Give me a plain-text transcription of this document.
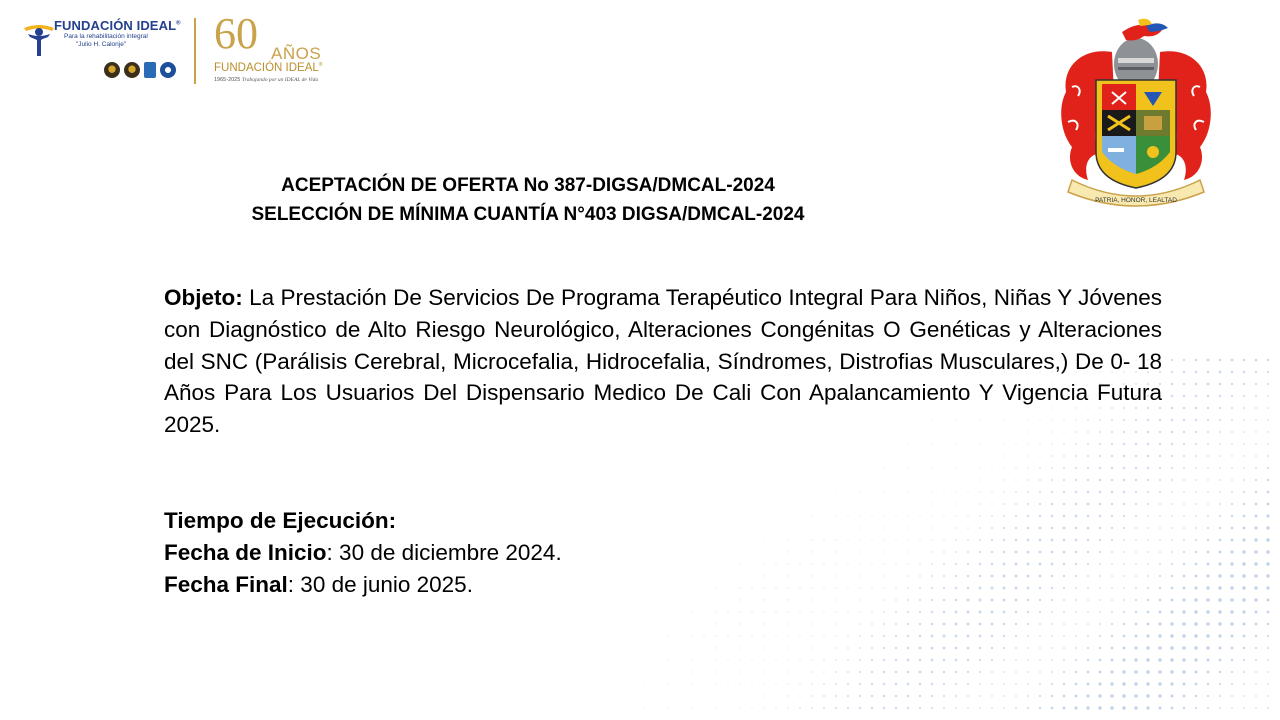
FUNDACIÓN IDEAL®
Para la rehabilitación integral
"Julio H. Calonje" 60 AÑOS
FUNDACIÓN IDEAL®
1965-2025 Trabajando por un IDEAL de Vida
PATRIA, HONOR, LEALTAD
ACEPTACIÓN DE OFERTA No 387-DIGSA/DMCAL-2024
SELECCIÓN DE MÍNIMA CUANTÍA N°403 DIGSA/DMCAL-2024
Objeto: La Prestación De Servicios De Programa Terapéutico Integral Para Niños, Niñas Y Jóvenes con Diagnóstico de Alto Riesgo Neurológico, Alteraciones Congénitas O Genéticas y Alteraciones del SNC (Parálisis Cerebral, Microcefalia, Hidrocefalia, Síndromes, Distrofias Musculares,) De 0- 18 Años Para Los Usuarios Del Dispensario Medico De Cali Con Apalancamiento Y Vigencia Futura 2025.
Tiempo de Ejecución:
Fecha de Inicio: 30 de diciembre 2024.
Fecha Final: 30 de junio 2025.
